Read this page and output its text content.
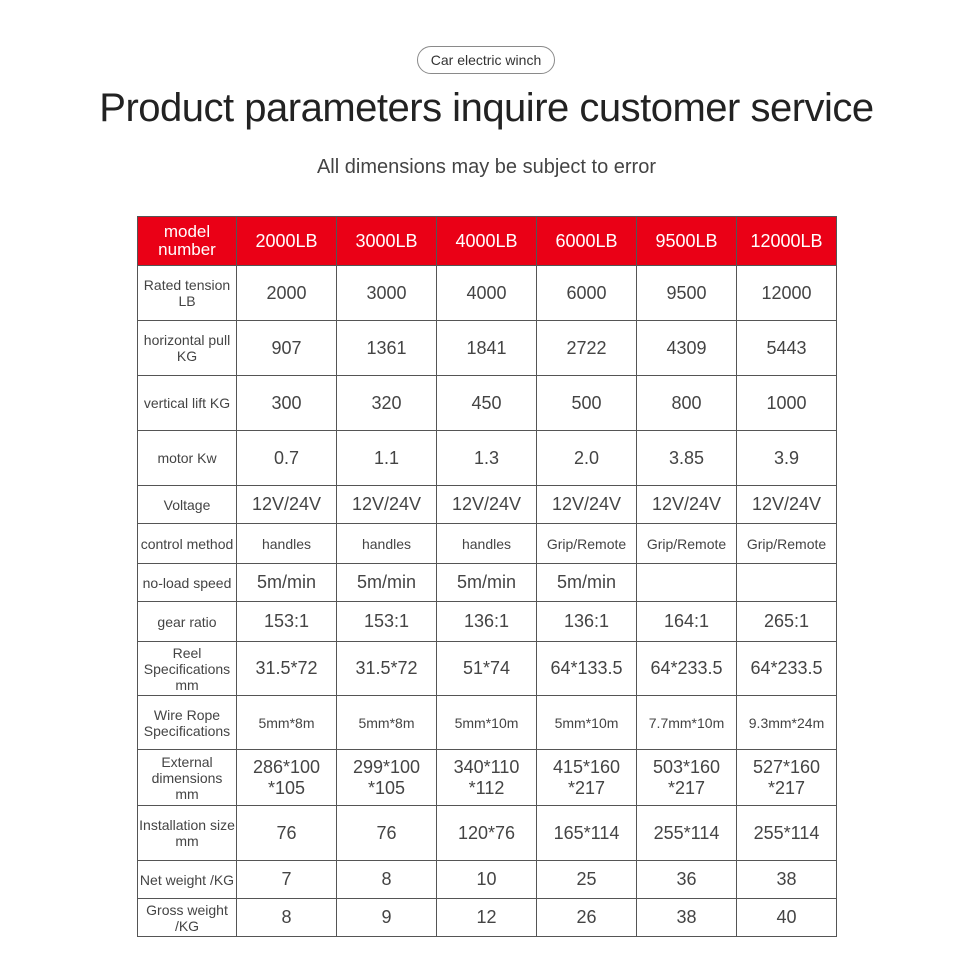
Car electric winch
Product parameters inquire customer service
All dimensions may be subject to error
model number	2000LB	3000LB	4000LB	6000LB	9500LB	12000LB
Rated tension LB	2000	3000	4000	6000	9500	12000
horizontal pull KG	907	1361	1841	2722	4309	5443
vertical lift KG	300	320	450	500	800	1000
motor Kw	0.7	1.1	1.3	2.0	3.85	3.9
Voltage	12V/24V	12V/24V	12V/24V	12V/24V	12V/24V	12V/24V
control method	handles	handles	handles	Grip/Remote	Grip/Remote	Grip/Remote
no-load speed	5m/min	5m/min	5m/min	5m/min		
gear ratio	153:1	153:1	136:1	136:1	164:1	265:1
Reel Specifications mm	31.5*72	31.5*72	51*74	64*133.5	64*233.5	64*233.5
Wire Rope Specifications	5mm*8m	5mm*8m	5mm*10m	5mm*10m	7.7mm*10m	9.3mm*24m
External dimensions mm	286*100 *105	299*100 *105	340*110 *112	415*160 *217	503*160 *217	527*160 *217
Installation size mm	76	76	120*76	165*114	255*114	255*114
Net weight /KG	7	8	10	25	36	38
Gross weight /KG	8	9	12	26	38	40
